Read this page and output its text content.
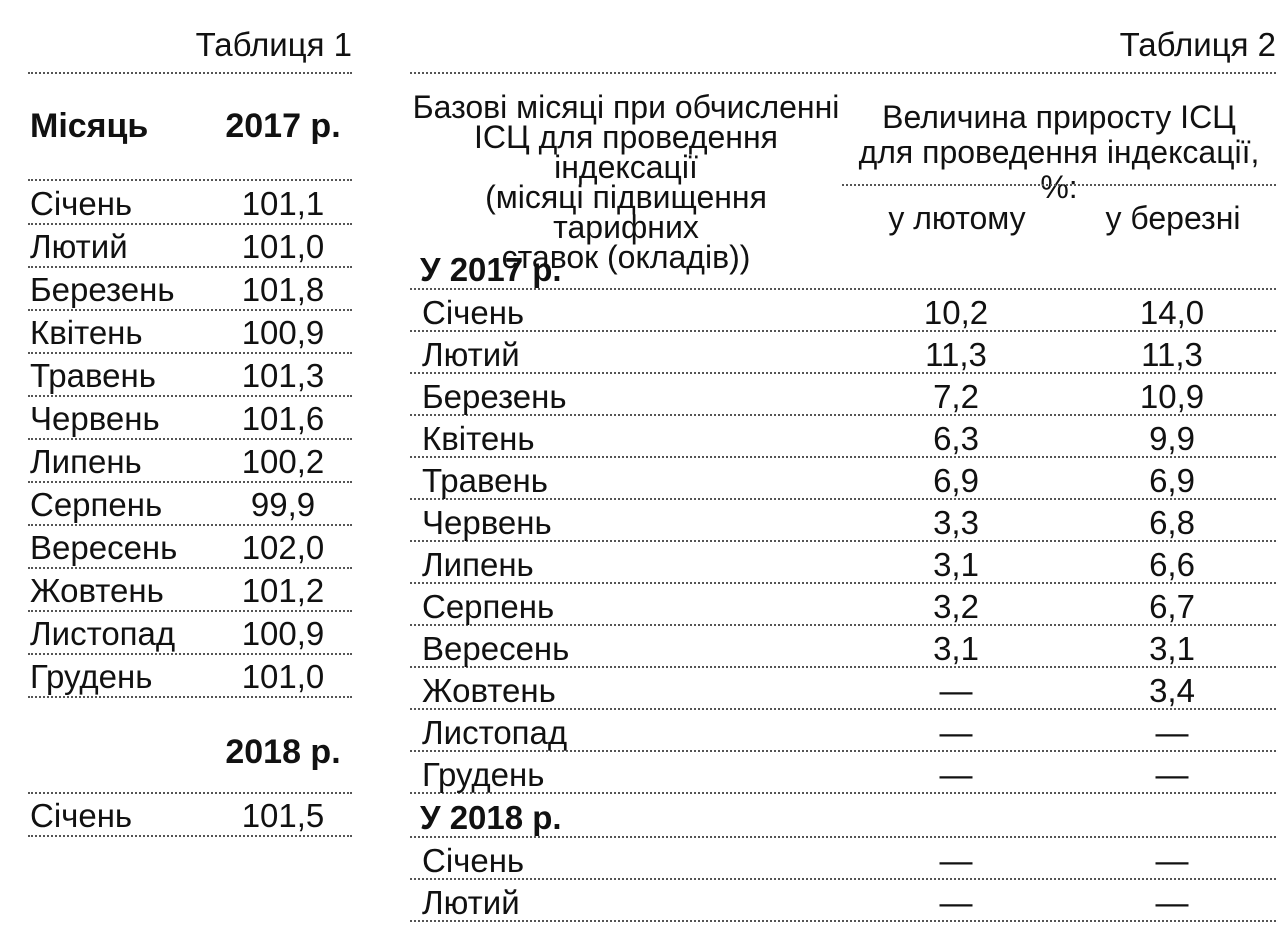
Таблиця 1
Місяць 2017 р.
Січень	101,1
Лютий	101,0
Березень	101,8
Квітень	100,9
Травень	101,3
Червень	101,6
Липень	100,2
Серпень	99,9
Вересень	102,0
Жовтень	101,2
Листопад	100,9
Грудень	101,0
2018 р.
Січень	101,5
Таблиця 2
Базові місяці при обчисленні
ІСЦ для проведення індексації
(місяці підвищення тарифних
ставок (окладів))
Величина приросту ІСЦ
для проведення індексації, %:
у лютому	у березні
У 2017 р.
Січень	10,2	14,0
Лютий	11,3	11,3
Березень	7,2	10,9
Квітень	6,3	9,9
Травень	6,9	6,9
Червень	3,3	6,8
Липень	3,1	6,6
Серпень	3,2	6,7
Вересень	3,1	3,1
Жовтень	—	3,4
Листопад	—	—
Грудень	—	—
У 2018 р.
Січень	—	—
Лютий	—	—
